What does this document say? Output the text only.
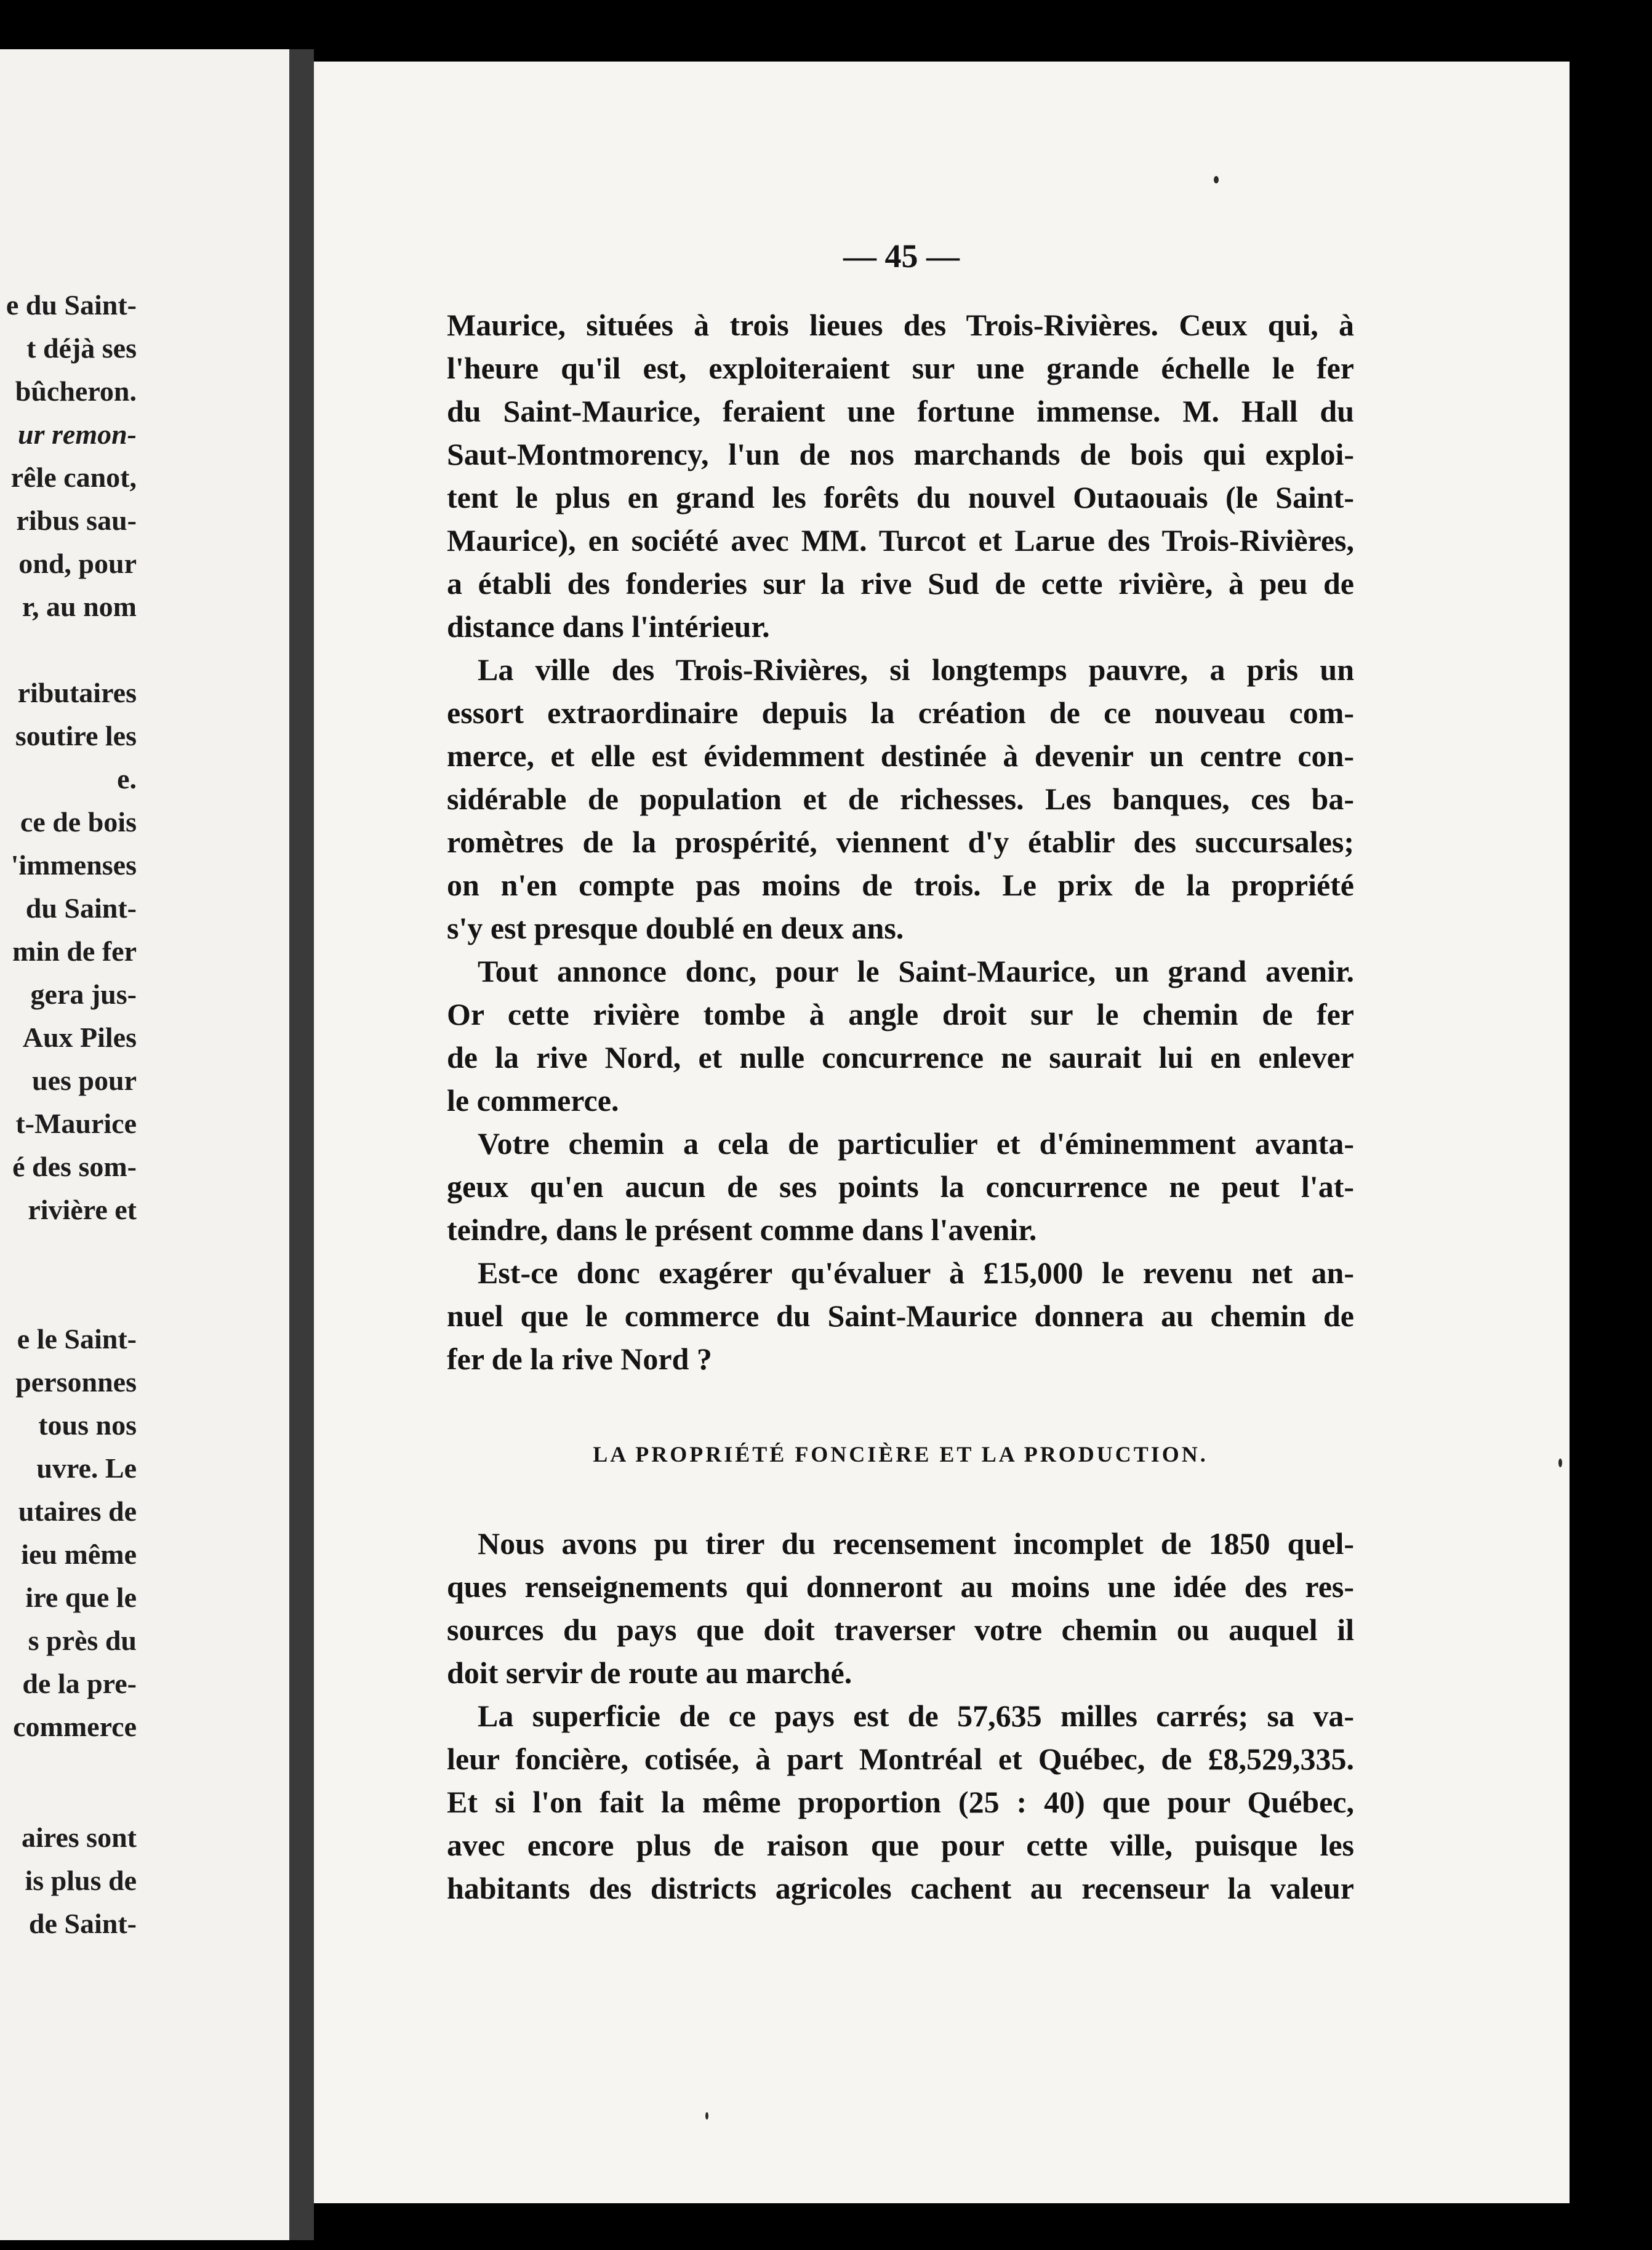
e du Saint-
t déjà ses
bûcheron.
ur remon-
rêle canot,
ribus sau-
ond, pour
r, au nom
ributaires
soutire les
e.
ce de bois
'immenses
du Saint-
min de fer
gera jus-
Aux Piles
ues pour
t-Maurice
é des som-
rivière et
e le Saint-
personnes
tous nos
uvre. Le
utaires de
ieu même
ire que le
s près du
de la pre-
commerce
aires sont
is plus de
de Saint-
— 45 —
Maurice, situées à trois lieues des Trois-Rivières. Ceux qui, à
l'heure qu'il est, exploiteraient sur une grande échelle le fer
du Saint-Maurice, feraient une fortune immense. M. Hall du
Saut-Montmorency, l'un de nos marchands de bois qui exploi-
tent le plus en grand les forêts du nouvel Outaouais (le Saint-
Maurice), en société avec MM. Turcot et Larue des Trois-Rivières,
a établi des fonderies sur la rive Sud de cette rivière, à peu de
distance dans l'intérieur.
La ville des Trois-Rivières, si longtemps pauvre, a pris un
essort extraordinaire depuis la création de ce nouveau com-
merce, et elle est évidemment destinée à devenir un centre con-
sidérable de population et de richesses. Les banques, ces ba-
romètres de la prospérité, viennent d'y établir des succursales;
on n'en compte pas moins de trois. Le prix de la propriété
s'y est presque doublé en deux ans.
Tout annonce donc, pour le Saint-Maurice, un grand avenir.
Or cette rivière tombe à angle droit sur le chemin de fer
de la rive Nord, et nulle concurrence ne saurait lui en enlever
le commerce.
Votre chemin a cela de particulier et d'éminemment avanta-
geux qu'en aucun de ses points la concurrence ne peut l'at-
teindre, dans le présent comme dans l'avenir.
Est-ce donc exagérer qu'évaluer à £15,000 le revenu net an-
nuel que le commerce du Saint-Maurice donnera au chemin de
fer de la rive Nord ?
LA PROPRIÉTÉ FONCIÈRE ET LA PRODUCTION.
Nous avons pu tirer du recensement incomplet de 1850 quel-
ques renseignements qui donneront au moins une idée des res-
sources du pays que doit traverser votre chemin ou auquel il
doit servir de route au marché.
La superficie de ce pays est de 57,635 milles carrés; sa va-
leur foncière, cotisée, à part Montréal et Québec, de £8,529,335.
Et si l'on fait la même proportion (25 : 40) que pour Québec,
avec encore plus de raison que pour cette ville, puisque les
habitants des districts agricoles cachent au recenseur la valeur
